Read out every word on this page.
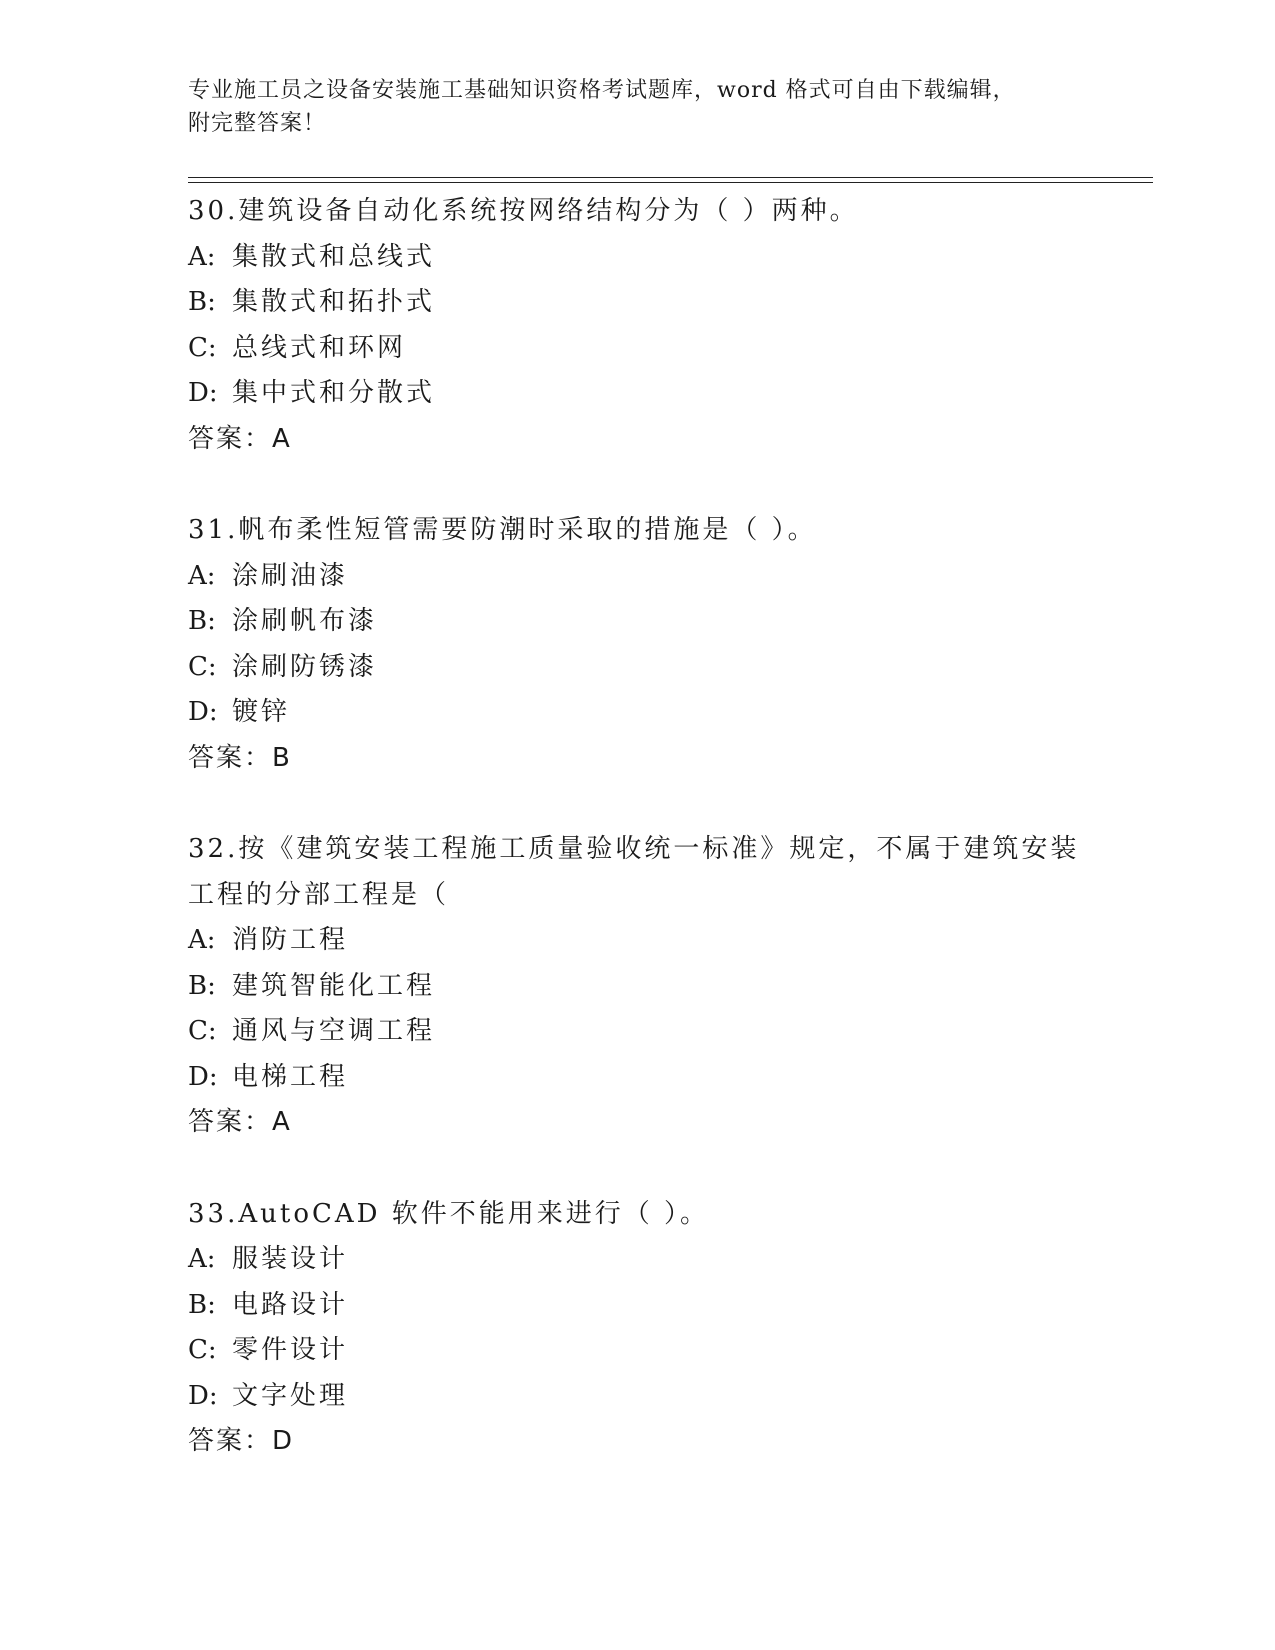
专业施工员之设备安装施工基础知识资格考试题库，word 格式可自由下载编辑，
附完整答案！
30.建筑设备自动化系统按网络结构分为（ ）两种。
A: 集散式和总线式
B: 集散式和拓扑式
C: 总线式和环网
D: 集中式和分散式
答案：A
31.帆布柔性短管需要防潮时采取的措施是（ ）。
A: 涂刷油漆
B: 涂刷帆布漆
C: 涂刷防锈漆
D: 镀锌
答案：B
32.按《建筑安装工程施工质量验收统一标准》规定，不属于建筑安装
工程的分部工程是（
A: 消防工程
B: 建筑智能化工程
C: 通风与空调工程
D: 电梯工程
答案：A
33.AutoCAD 软件不能用来进行（ ）。
A: 服装设计
B: 电路设计
C: 零件设计
D: 文字处理
答案：D
